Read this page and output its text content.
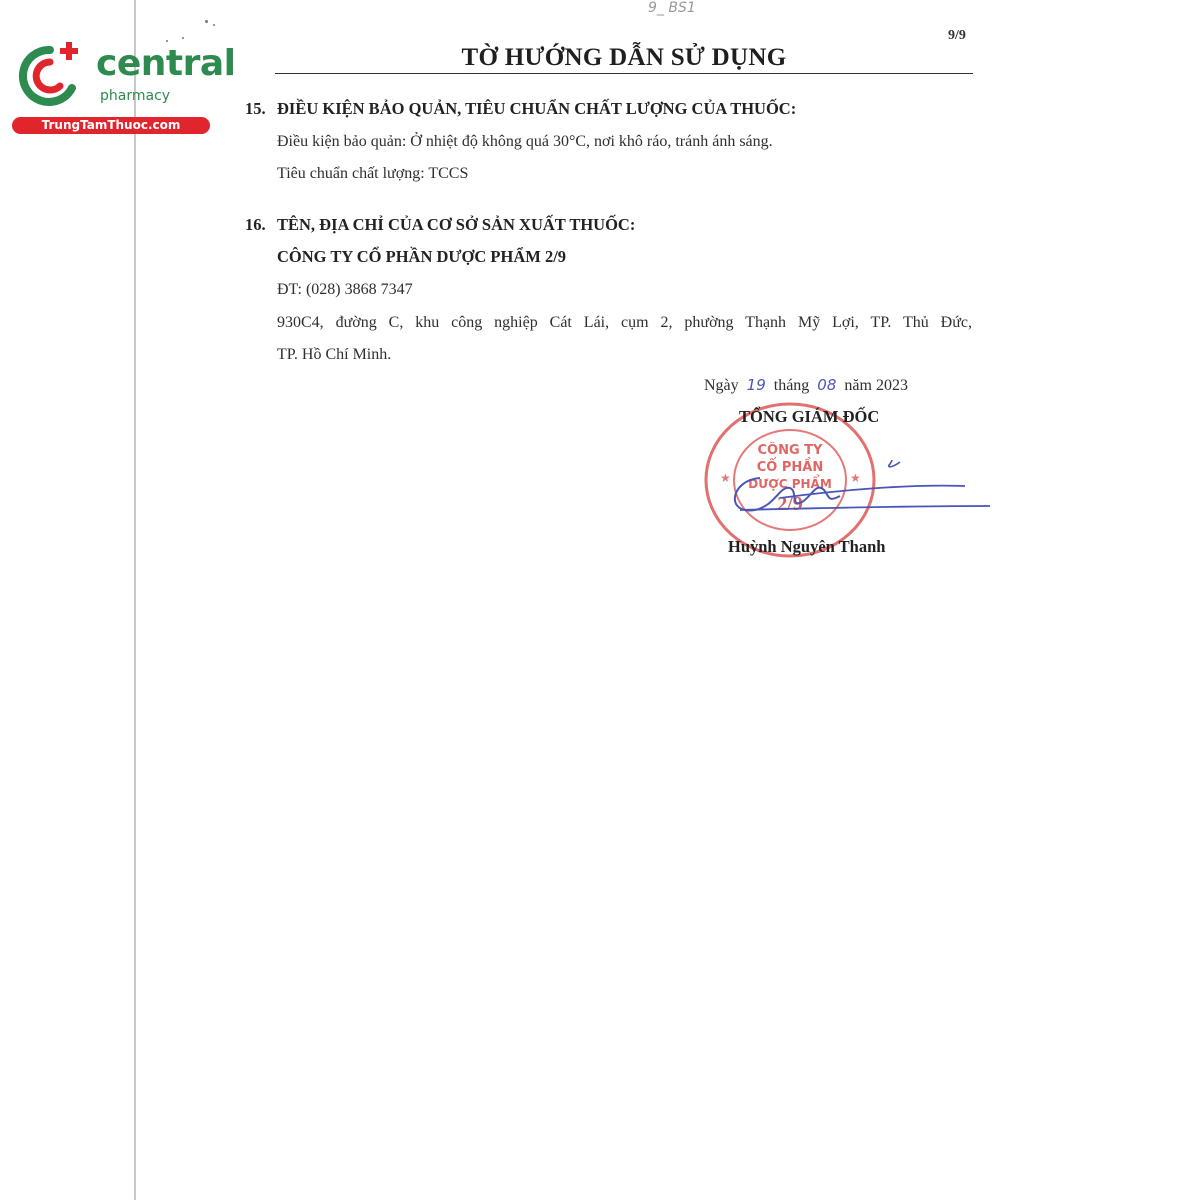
central
pharmacy
TrungTamThuoc.com
9_ BS1
9/9
TỜ HƯỚNG DẪN SỬ DỤNG
15. ĐIỀU KIỆN BẢO QUẢN, TIÊU CHUẨN CHẤT LƯỢNG CỦA THUỐC:
Điều kiện bảo quản: Ở nhiệt độ không quá 30°C, nơi khô ráo, tránh ánh sáng.
Tiêu chuẩn chất lượng: TCCS
16. TÊN, ĐỊA CHỈ CỦA CƠ SỞ SẢN XUẤT THUỐC:
CÔNG TY CỔ PHẦN DƯỢC PHẨM 2/9
ĐT: (028) 3868 7347
930C4, đường C, khu công nghiệp Cát Lái, cụm 2, phường Thạnh Mỹ Lợi, TP. Thủ Đức,
TP. Hồ Chí Minh.
Ngày 19 tháng 08 năm 2023
★	★
CÔNG TY
CỔ PHẦN
DƯỢC PHẨM
2/9
TỔNG GIÁM ĐỐC
Huỳnh Nguyên Thanh
